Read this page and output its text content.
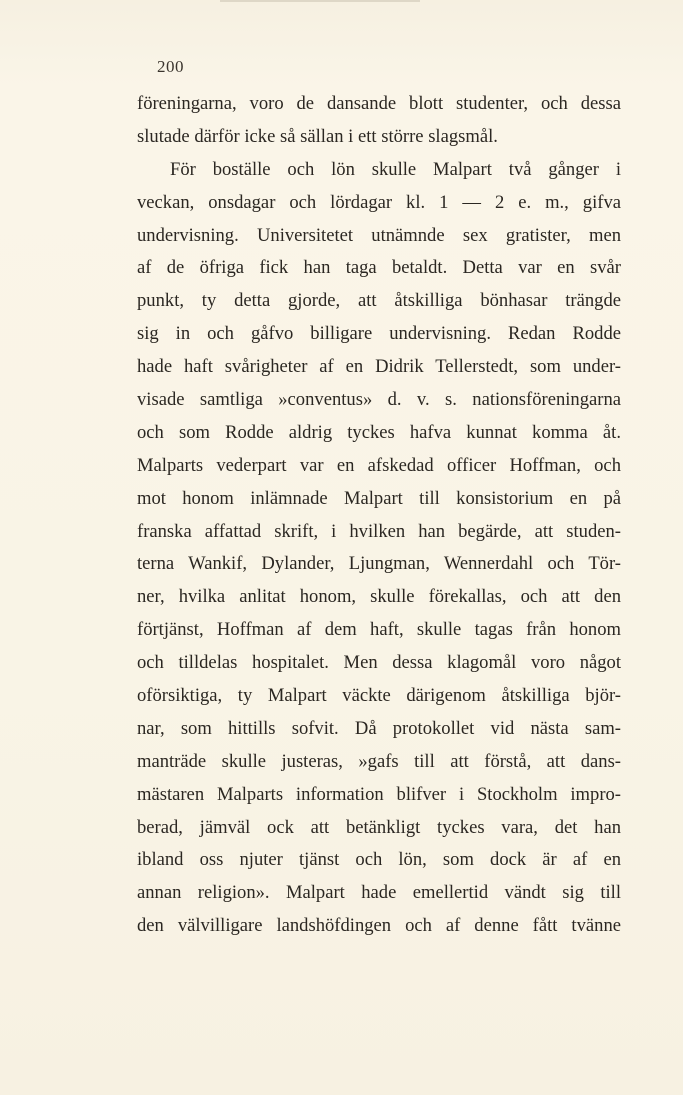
200
föreningarna, voro de dansande blott studenter, och dessa
slutade därför icke så sällan i ett större slagsmål.
För boställe och lön skulle Malpart två gånger i
veckan, onsdagar och lördagar kl. 1 — 2 e. m., gifva
undervisning. Universitetet utnämnde sex gratister, men
af de öfriga fick han taga betaldt. Detta var en svår
punkt, ty detta gjorde, att åtskilliga bönhasar trängde
sig in och gåfvo billigare undervisning. Redan Rodde
hade haft svårigheter af en Didrik Tellerstedt, som under-
visade samtliga »conventus» d. v. s. nationsföreningarna
och som Rodde aldrig tyckes hafva kunnat komma åt.
Malparts vederpart var en afskedad officer Hoffman, och
mot honom inlämnade Malpart till konsistorium en på
franska affattad skrift, i hvilken han begärde, att studen-
terna Wankif, Dylander, Ljungman, Wennerdahl och Tör-
ner, hvilka anlitat honom, skulle förekallas, och att den
förtjänst, Hoffman af dem haft, skulle tagas från honom
och tilldelas hospitalet. Men dessa klagomål voro något
oförsiktiga, ty Malpart väckte därigenom åtskilliga björ-
nar, som hittills sofvit. Då protokollet vid nästa sam-
manträde skulle justeras, »gafs till att förstå, att dans-
mästaren Malparts information blifver i Stockholm impro-
berad, jämväl ock att betänkligt tyckes vara, det han
ibland oss njuter tjänst och lön, som dock är af en
annan religion». Malpart hade emellertid vändt sig till
den välvilligare landshöfdingen och af denne fått tvänne
